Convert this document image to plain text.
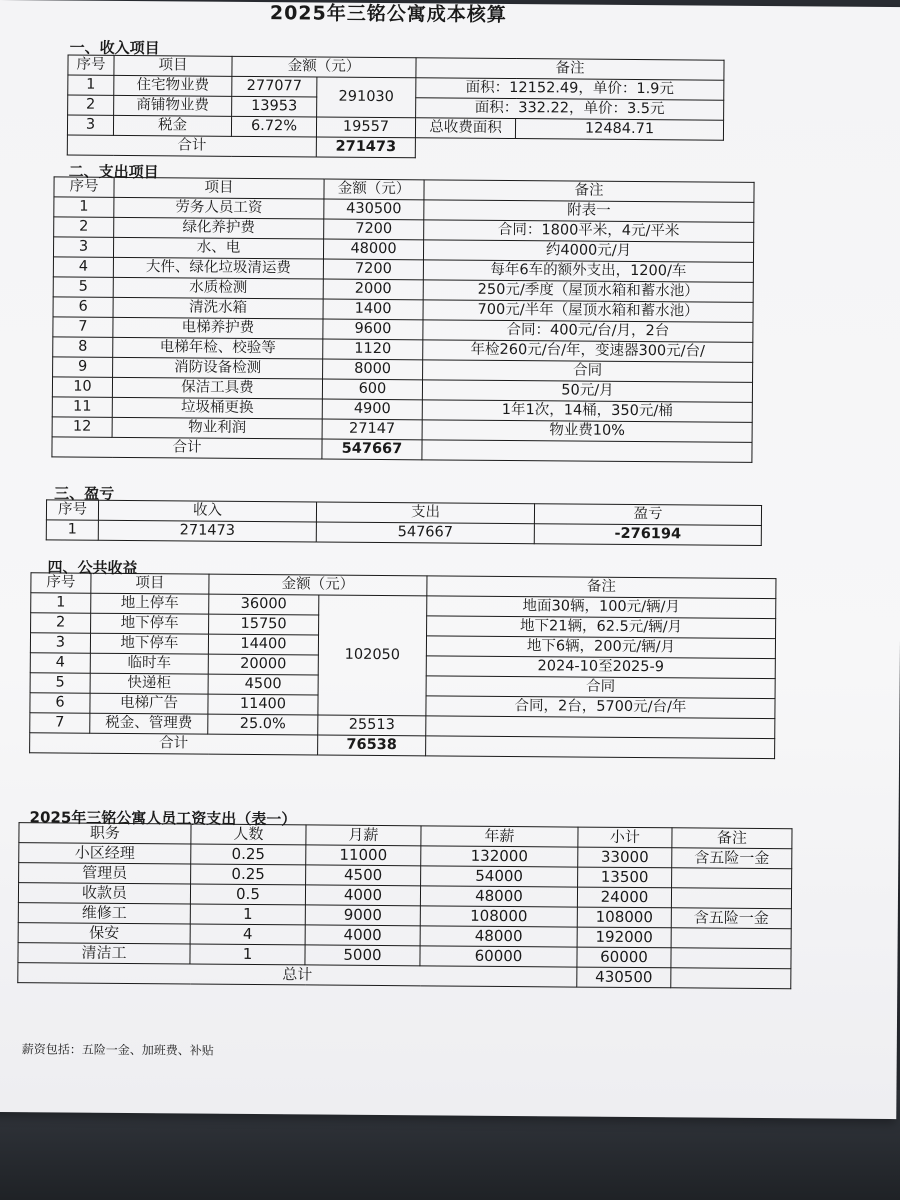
2025年三铭公寓成本核算
一、收入项目
序号	项目	金额（元）		备注	
1	住宅物业费	277077	291030	面积：12152.49，单价：1.9元	
2	商铺物业费	13953		面积：332.22，单价：3.5元	
3	税金	6.72%	19557	总收费面积	12484.71
合计			271473		
二、支出项目
序号	项目	金额（元）	备注
1	劳务人员工资	430500	附表一
2	绿化养护费	7200	合同：1800平米，4元/平米
3	水、电	48000	约4000元/月
4	大件、绿化垃圾清运费	7200	每年6车的额外支出，1200/车
5	水质检测	2000	250元/季度（屋顶水箱和蓄水池）
6	清洗水箱	1400	700元/半年（屋顶水箱和蓄水池）
7	电梯养护费	9600	合同：400元/台/月，2台
8	电梯年检、校验等	1120	年检260元/台/年，变速器300元/台/
9	消防设备检测	8000	合同
10	保洁工具费	600	50元/月
11	垃圾桶更换	4900	1年1次，14桶，350元/桶
12	物业利润	27147	物业费10%
合计		547667	
三、盈亏
序号	收入	支出	盈亏
1	271473	547667	-276194
四、公共收益
序号	项目	金额（元）		备注
1	地上停车	36000	102050	地面30辆，100元/辆/月
2	地下停车	15750		地下21辆，62.5元/辆/月
3	地下停车	14400		地下6辆，200元/辆/月
4	临时车	20000		2024-10至2025-9
5	快递柜	4500		合同
6	电梯广告	11400		合同，2台，5700元/台/年
7	税金、管理费	25.0%	25513	
合计			76538	
2025年三铭公寓人员工资支出（表一）
职务	人数	月薪	年薪	小计	备注
小区经理	0.25	11000	132000	33000	含五险一金
管理员	0.25	4500	54000	13500	
收款员	0.5	4000	48000	24000	
维修工	1	9000	108000	108000	含五险一金
保安	4	4000	48000	192000	
清洁工	1	5000	60000	60000	
总计				430500	
薪资包括：五险一金、加班费、补贴
